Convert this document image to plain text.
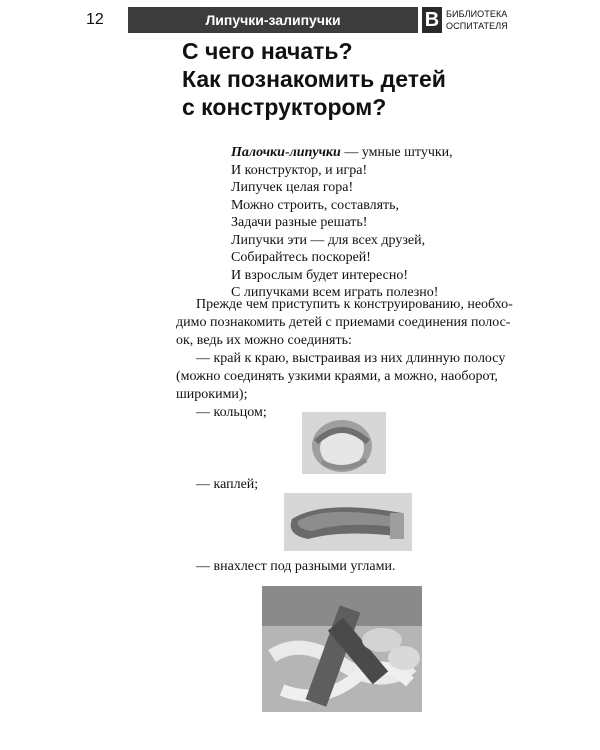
12	Липучки-залипучки	В БИБЛИОТЕКА
ОСПИТАТЕЛЯ
С чего начать?
Как познакомить детей
с конструктором?
Палочки-липучки — умные штучки,
И конструктор, и игра!
Липучек целая гора!
Можно строить, составлять,
Задачи разные решать!
Липучки эти — для всех друзей,
Собирайтесь поскорей!
И взрослым будет интересно!
С липучками всем играть полезно!
Прежде чем приступить к конструированию, необхо-
димо познакомить детей с приемами соединения полос-
ок, ведь их можно соединять:
— край к краю, выстраивая из них длинную полосу
(можно соединять узкими краями, а можно, наоборот,
широкими);
— кольцом;
— каплей;
— внахлест под разными углами.
